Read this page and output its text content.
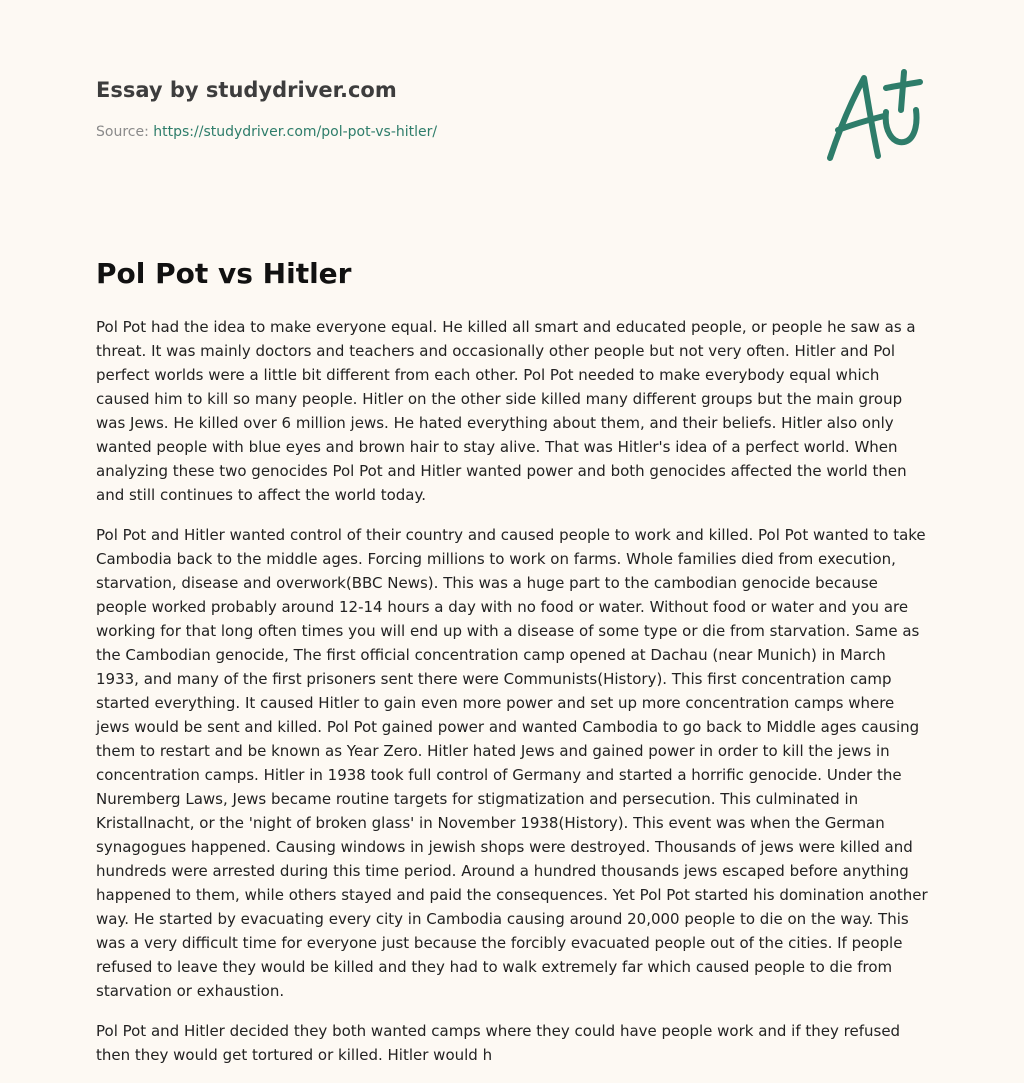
Essay by studydriver.com
Source: https://studydriver.com/pol-pot-vs-hitler/
Pol Pot vs Hitler

Pol Pot had the idea to make everyone equal. He killed all smart and educated people, or people he saw as a threat. It was mainly doctors and teachers and occasionally other people but not very often. Hitler and Pol perfect worlds were a little bit different from each other. Pol Pot needed to make everybody equal which caused him to kill so many people. Hitler on the other side killed many different groups but the main group was Jews. He killed over 6 million jews. He hated everything about them, and their beliefs. Hitler also only wanted people with blue eyes and brown hair to stay alive. That was Hitler's idea of a perfect world. When analyzing these two genocides Pol Pot and Hitler wanted power and both genocides affected the world then and still continues to affect the world today.

Pol Pot and Hitler wanted control of their country and caused people to work and killed. Pol Pot wanted to take Cambodia back to the middle ages. Forcing millions to work on farms. Whole families died from execution, starvation, disease and overwork(BBC News). This was a huge part to the cambodian genocide because people worked probably around 12-14 hours a day with no food or water. Without food or water and you are working for that long often times you will end up with a disease of some type or die from starvation. Same as the Cambodian genocide, The first official concentration camp opened at Dachau (near Munich) in March 1933, and many of the first prisoners sent there were Communists(History). This first concentration camp started everything. It caused Hitler to gain even more power and set up more concentration camps where jews would be sent and killed. Pol Pot gained power and wanted Cambodia to go back to Middle ages causing them to restart and be known as Year Zero. Hitler hated Jews and gained power in order to kill the jews in concentration camps. Hitler in 1938 took full control of Germany and started a horrific genocide. Under the Nuremberg Laws, Jews became routine targets for stigmatization and persecution. This culminated in Kristallnacht, or the 'night of broken glass' in November 1938(History). This event was when the German synagogues happened. Causing windows in jewish shops were destroyed. Thousands of jews were killed and hundreds were arrested during this time period. Around a hundred thousands jews escaped before anything happened to them, while others stayed and paid the consequences. Yet Pol Pot started his domination another way. He started by evacuating every city in Cambodia causing around 20,000 people to die on the way. This was a very difficult time for everyone just because the forcibly evacuated people out of the cities. If people refused to leave they would be killed and they had to walk extremely far which caused people to die from starvation or exhaustion.

Pol Pot and Hitler decided they both wanted camps where they could have people work and if they refused then they would get tortured or killed. Hitler would h
